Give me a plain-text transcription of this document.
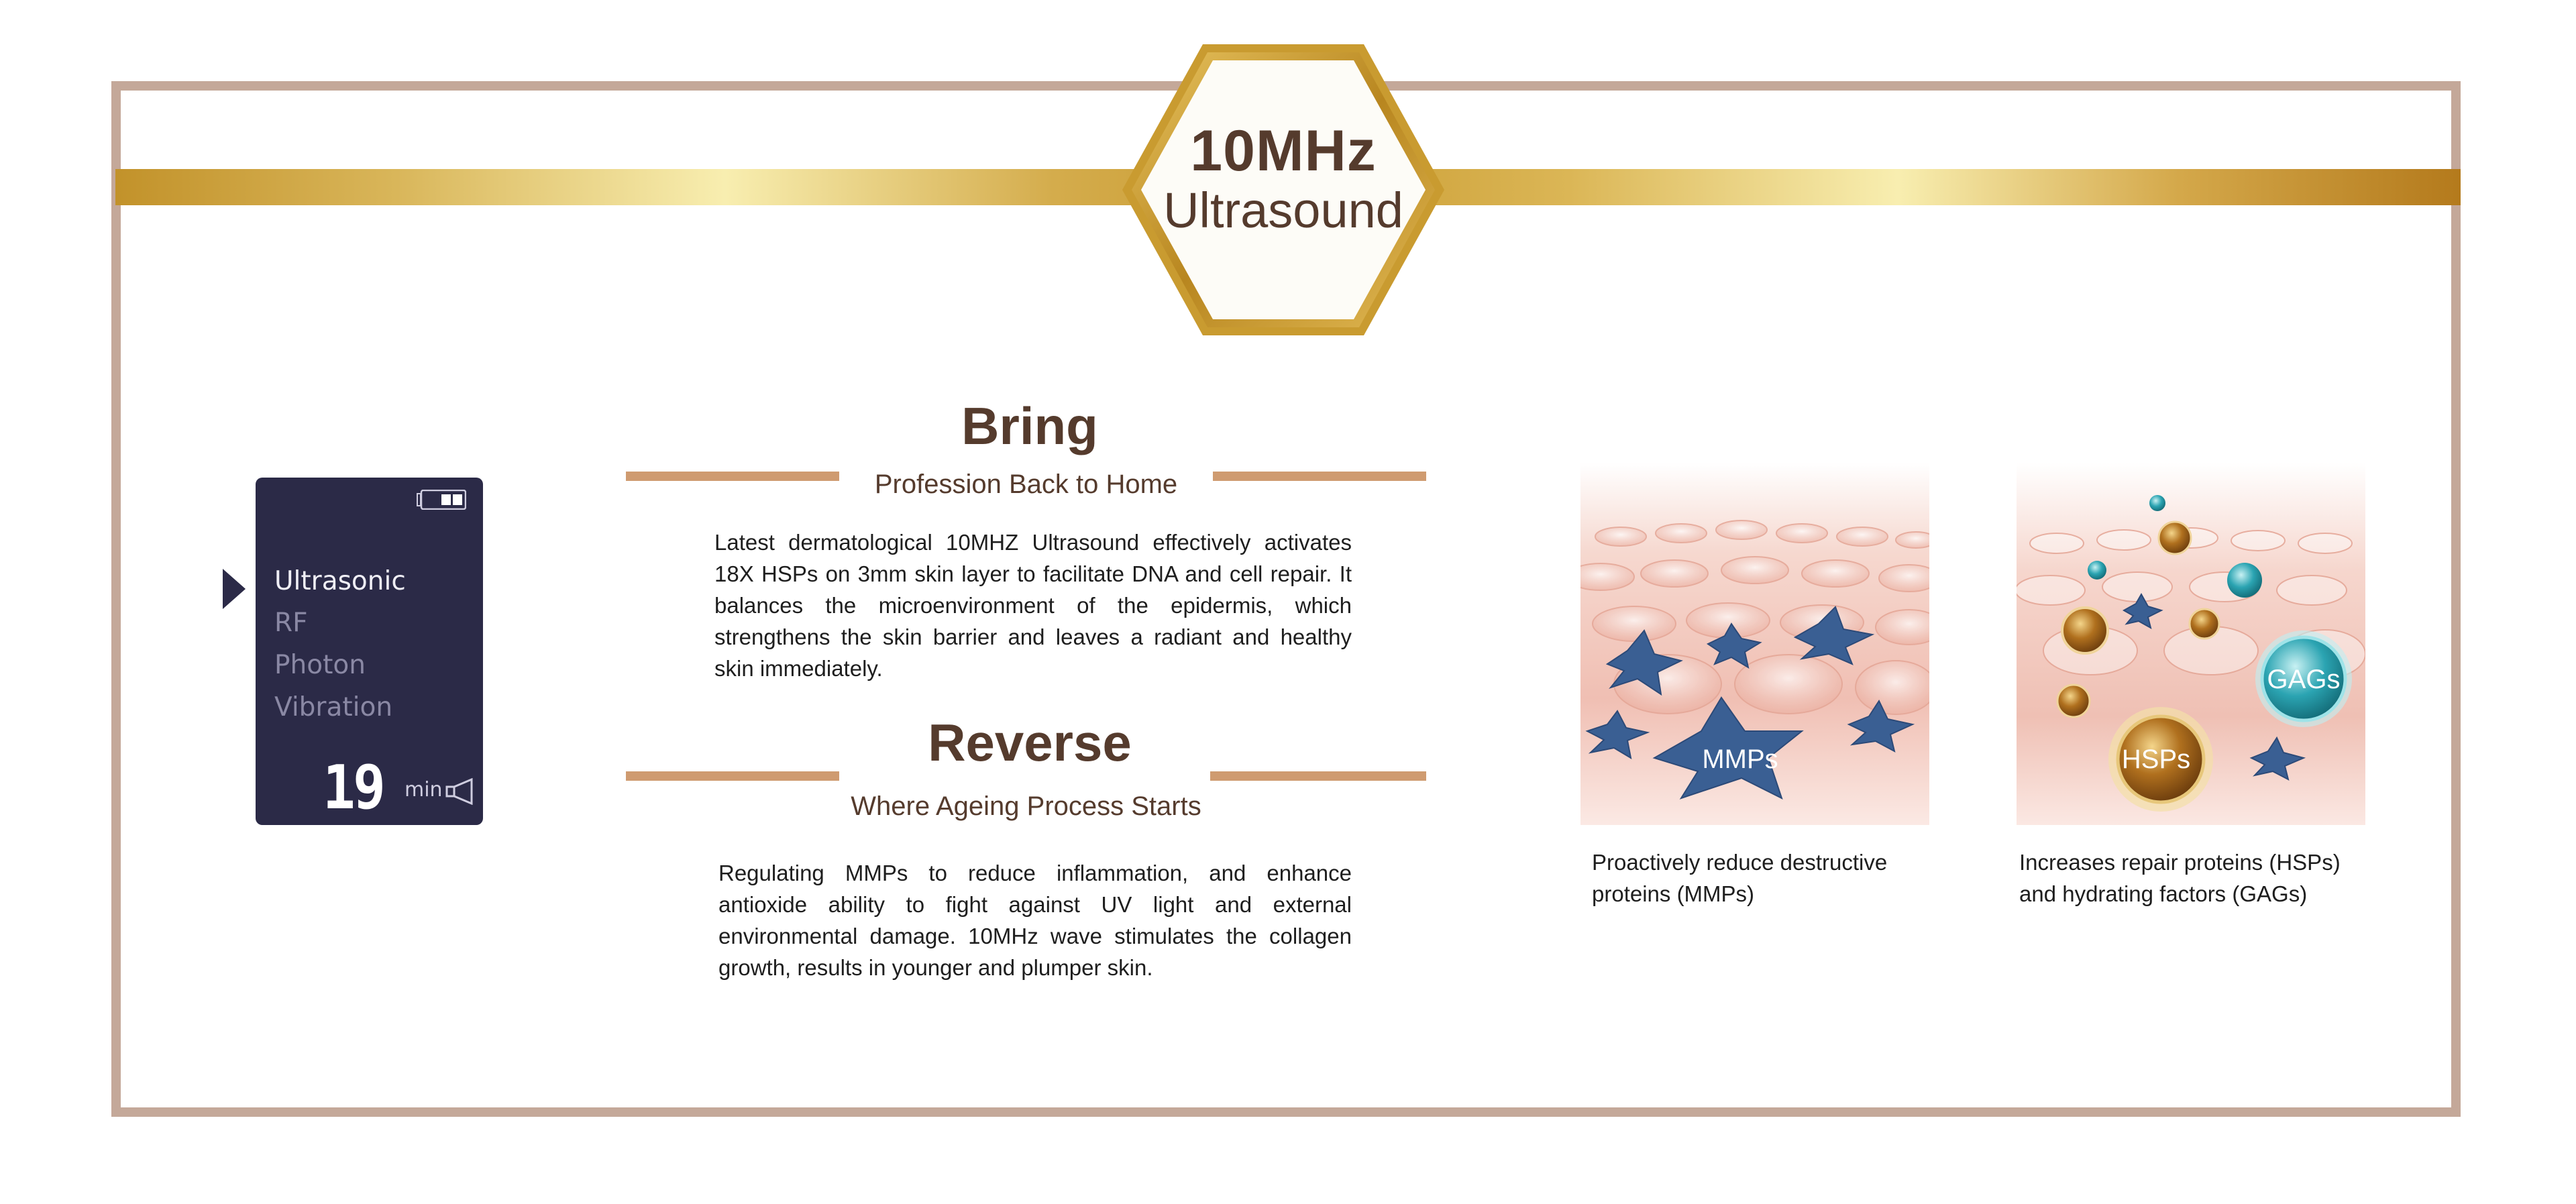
10MHz
Ultrasound
Ultrasonic
RF
Photon
Vibration
19 min
Bring
Profession Back to Home
Latest dermatological 10MHZ Ultrasound effectively activates 18X HSPs on 3mm skin layer to facilitate DNA and cell repair. It balances the microenvironment of the epidermis, which strengthens the skin barrier and leaves a radiant and healthy skin immediately.
Reverse
Where Ageing Process Starts
Regulating MMPs to reduce inflammation, and enhance antioxide ability to fight against UV light and external environmental damage. 10MHz wave stimulates the collagen growth, results in younger and plumper skin.
MMPs
Proactively reduce destructive
proteins (MMPs)
HSPs
GAGs
Increases repair proteins (HSPs)
and hydrating factors (GAGs)
